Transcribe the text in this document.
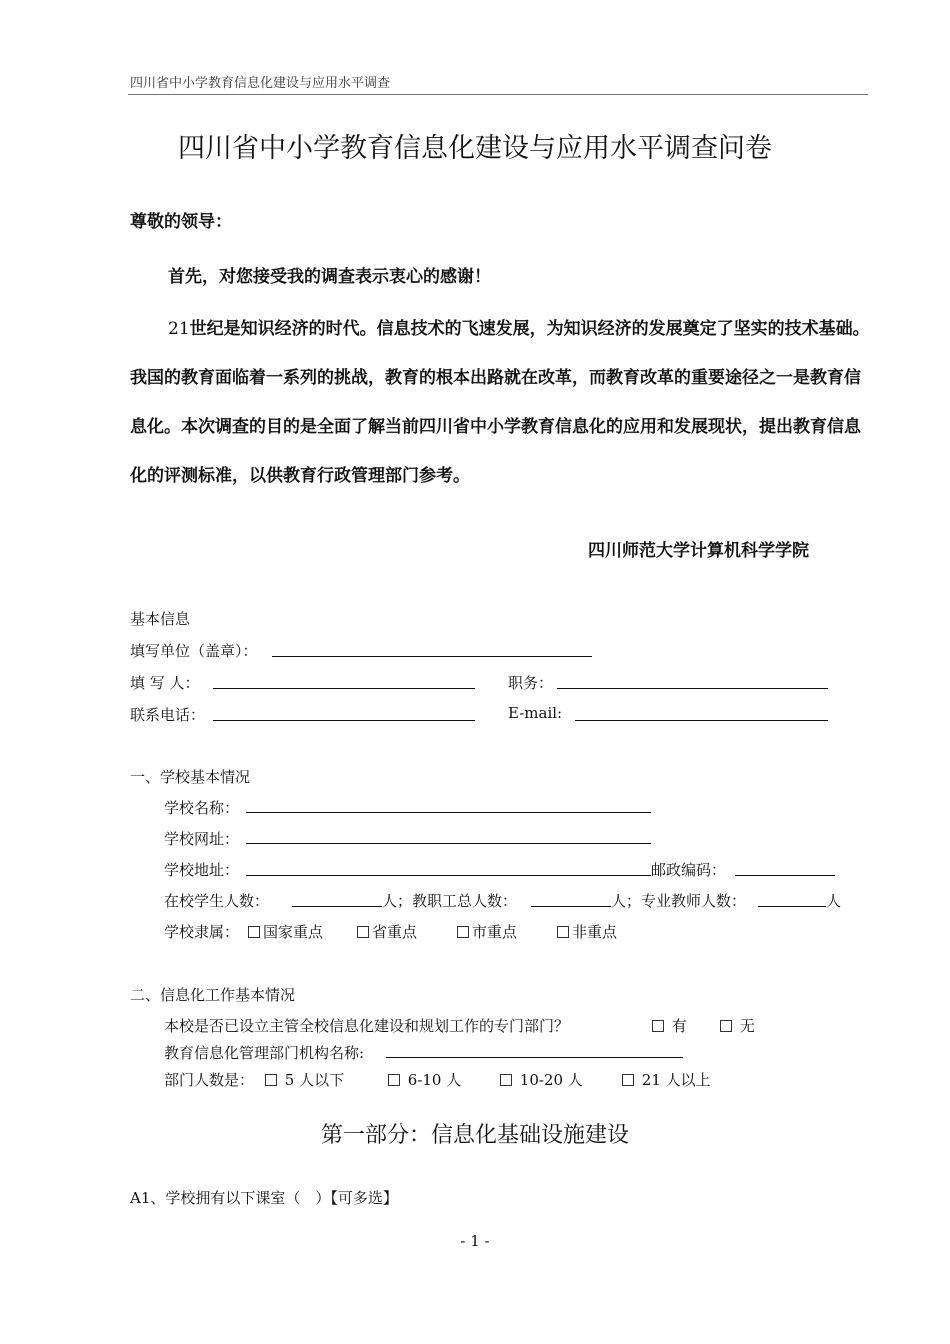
四川省中小学教育信息化建设与应用水平调查
四川省中小学教育信息化建设与应用水平调查问卷
尊敬的领导：
首先，对您接受我的调查表示衷心的感谢！
21世纪是知识经济的时代。信息技术的飞速发展，为知识经济的发展奠定了坚实的技术基础。我国的教育面临着一系列的挑战，教育的根本出路就在改革，而教育改革的重要途径之一是教育信息化。本次调查的目的是全面了解当前四川省中小学教育信息化的应用和发展现状，提出教育信息化的评测标准，以供教育行政管理部门参考。
四川师范大学计算机科学学院
基本信息
填写单位（盖章）：
填 写 人：	职务：
联系电话：	E-mail:
一、学校基本情况
学校名称：
学校网址：
学校地址：	邮政编码：
在校学生人数：	人 ；教职工总人数：	人 ；专业教师人数：	人
学校隶属：	国家重点	省重点	市重点	非重点
二、信息化工作基本情况
本校是否已设立主管全校信息化建设和规划工作的专门部门？	有	无
教育信息化管理部门机构名称:
部门人数是：	5 人以下	6-10 人	10-20 人	21 人以上
第一部分：信息化基础设施建设
A1、学校拥有以下课室（　）【可多选】
- 1 -
